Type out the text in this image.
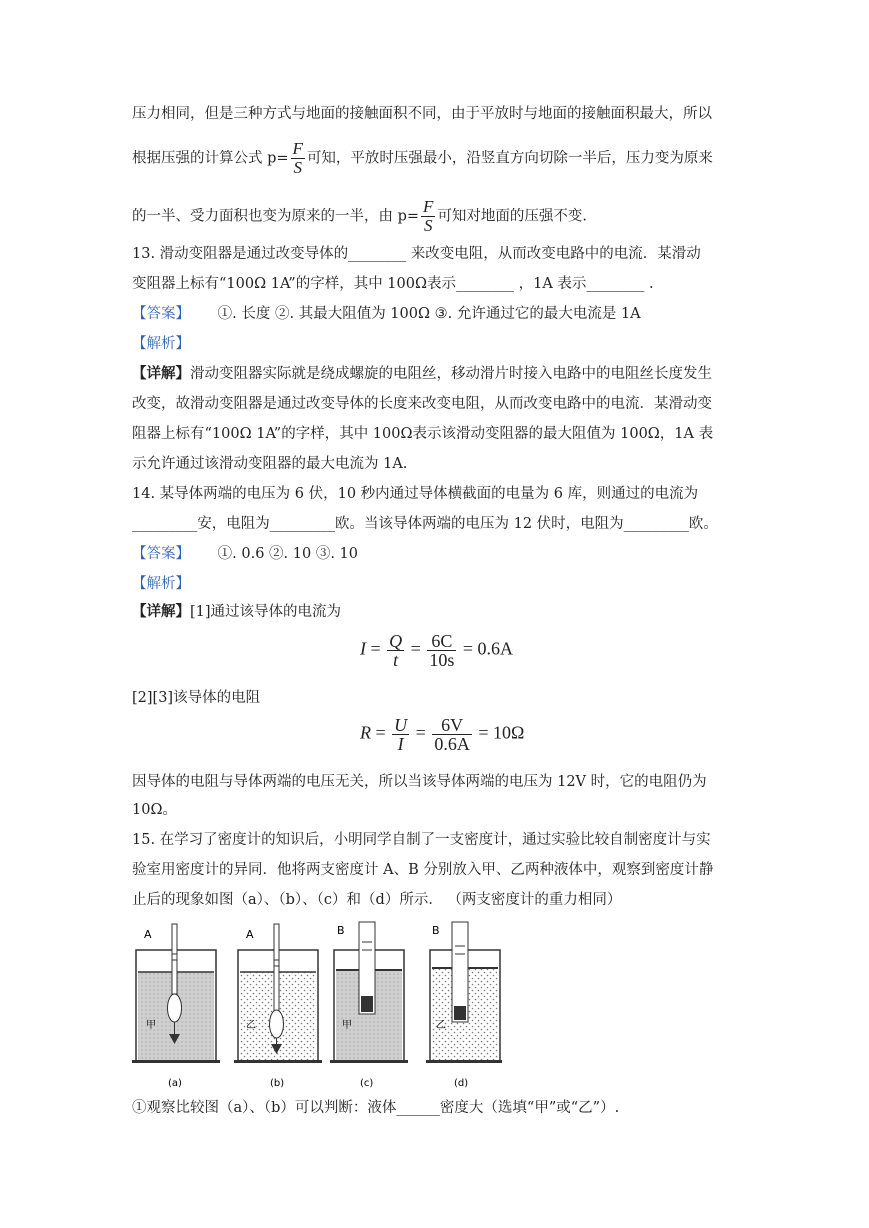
压力相同，但是三种方式与地面的接触面积不同，由于平放时与地面的接触面积最大，所以
根据压强的计算公式 $p= \frac{F}{S}$ 可知，平放时压强最小，沿竖直方向切除一半后，压力变为原来
的一半、受力面积也变为原来的一半，由 $p= \frac{F}{S}$ 可知对地面的压强不变.
13. 滑动变阻器是通过改变导体的________ 来改变电阻，从而改变电路中的电流．某滑动
变阻器上标有“100Ω 1A”的字样，其中 100Ω表示________ ，1A 表示________ .
【答案】 ①. 长度 ②. 其最大阻值为 100Ω ③. 允许通过它的最大电流是 1A
【解析】
【详解】滑动变阻器实际就是绕成螺旋的电阻丝，移动滑片时接入电路中的电阻丝长度发生
改变，故滑动变阻器是通过改变导体的长度来改变电阻，从而改变电路中的电流．某滑动变
阻器上标有“100Ω 1A”的字样，其中 100Ω表示该滑动变阻器的最大阻值为 100Ω，1A 表
示允许通过该滑动变阻器的最大电流为 1A.
14. 某导体两端的电压为 6 伏，10 秒内通过导体横截面的电量为 6 库，则通过的电流为
_________安，电阻为_________欧。当该导体两端的电压为 12 伏时，电阻为_________欧。
【答案】 ①. 0.6 ②. 10 ③. 10
【解析】
【详解】[1]通过该导体的电流为
$I = \frac{Q}{t} = \frac{6C}{10s} = 0.6A$
[2][3]该导体的电阻
$R = \frac{U}{I} = \frac{6V}{0.6A} = 10\Omega$
因导体的电阻与导体两端的电压无关，所以当该导体两端的电压为 12V 时，它的电阻仍为
10Ω。
15. 在学习了密度计的知识后，小明同学自制了一支密度计，通过实验比较自制密度计与实
验室用密度计的异同．他将两支密度计 A、B 分别放入甲、乙两种液体中，观察到密度计静
止后的现象如图（a）、（b）、（c）和（d）所示． （两支密度计的重力相同）
A
甲
(a)
A
乙
(b)
B
甲
(c)
B
乙
(d)
①观察比较图（a）、（b）可以判断：液体______密度大（选填“甲”或“乙”）.
